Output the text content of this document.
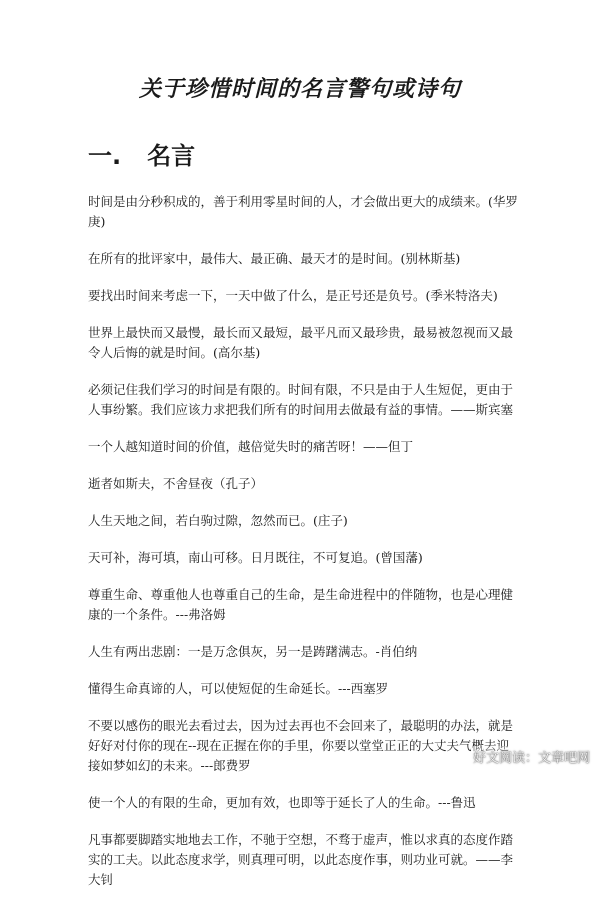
关于珍惜时间的名言警句或诗句
一. 名言

时间是由分秒积成的，善于利用零星时间的人，才会做出更大的成绩来。(华罗庚)

在所有的批评家中，最伟大、最正确、最天才的是时间。(别林斯基)

要找出时间来考虑一下，一天中做了什么，是正号还是负号。(季米特洛夫)

世界上最快而又最慢，最长而又最短，最平凡而又最珍贵，最易被忽视而又最令人后悔的就是时间。(高尔基)

必须记住我们学习的时间是有限的。时间有限，不只是由于人生短促，更由于人事纷繁。我们应该力求把我们所有的时间用去做最有益的事情。——斯宾塞

一个人越知道时间的价值，越倍觉失时的痛苦呀！——但丁

逝者如斯夫，不舍昼夜（孔子）

人生天地之间，若白驹过隙，忽然而已。(庄子)

天可补，海可填，南山可移。日月既往，不可复追。(曾国藩)

尊重生命、尊重他人也尊重自己的生命，是生命进程中的伴随物，也是心理健康的一个条件。---弗洛姆

人生有两出悲剧：一是万念俱灰，另一是踌躇满志。-肖伯纳

懂得生命真谛的人，可以使短促的生命延长。---西塞罗

不要以感伤的眼光去看过去，因为过去再也不会回来了，最聪明的办法，就是好好对付你的现在--现在正握在你的手里，你要以堂堂正正的大丈夫气概去迎接如梦如幻的未来。---郎费罗

使一个人的有限的生命，更加有效，也即等于延长了人的生命。---鲁迅

凡事都要脚踏实地地去工作，不驰于空想，不骛于虚声，惟以求真的态度作踏实的工夫。以此态度求学，则真理可明，以此态度作事，则功业可就。——李大钊

好文阅读：文章吧网
